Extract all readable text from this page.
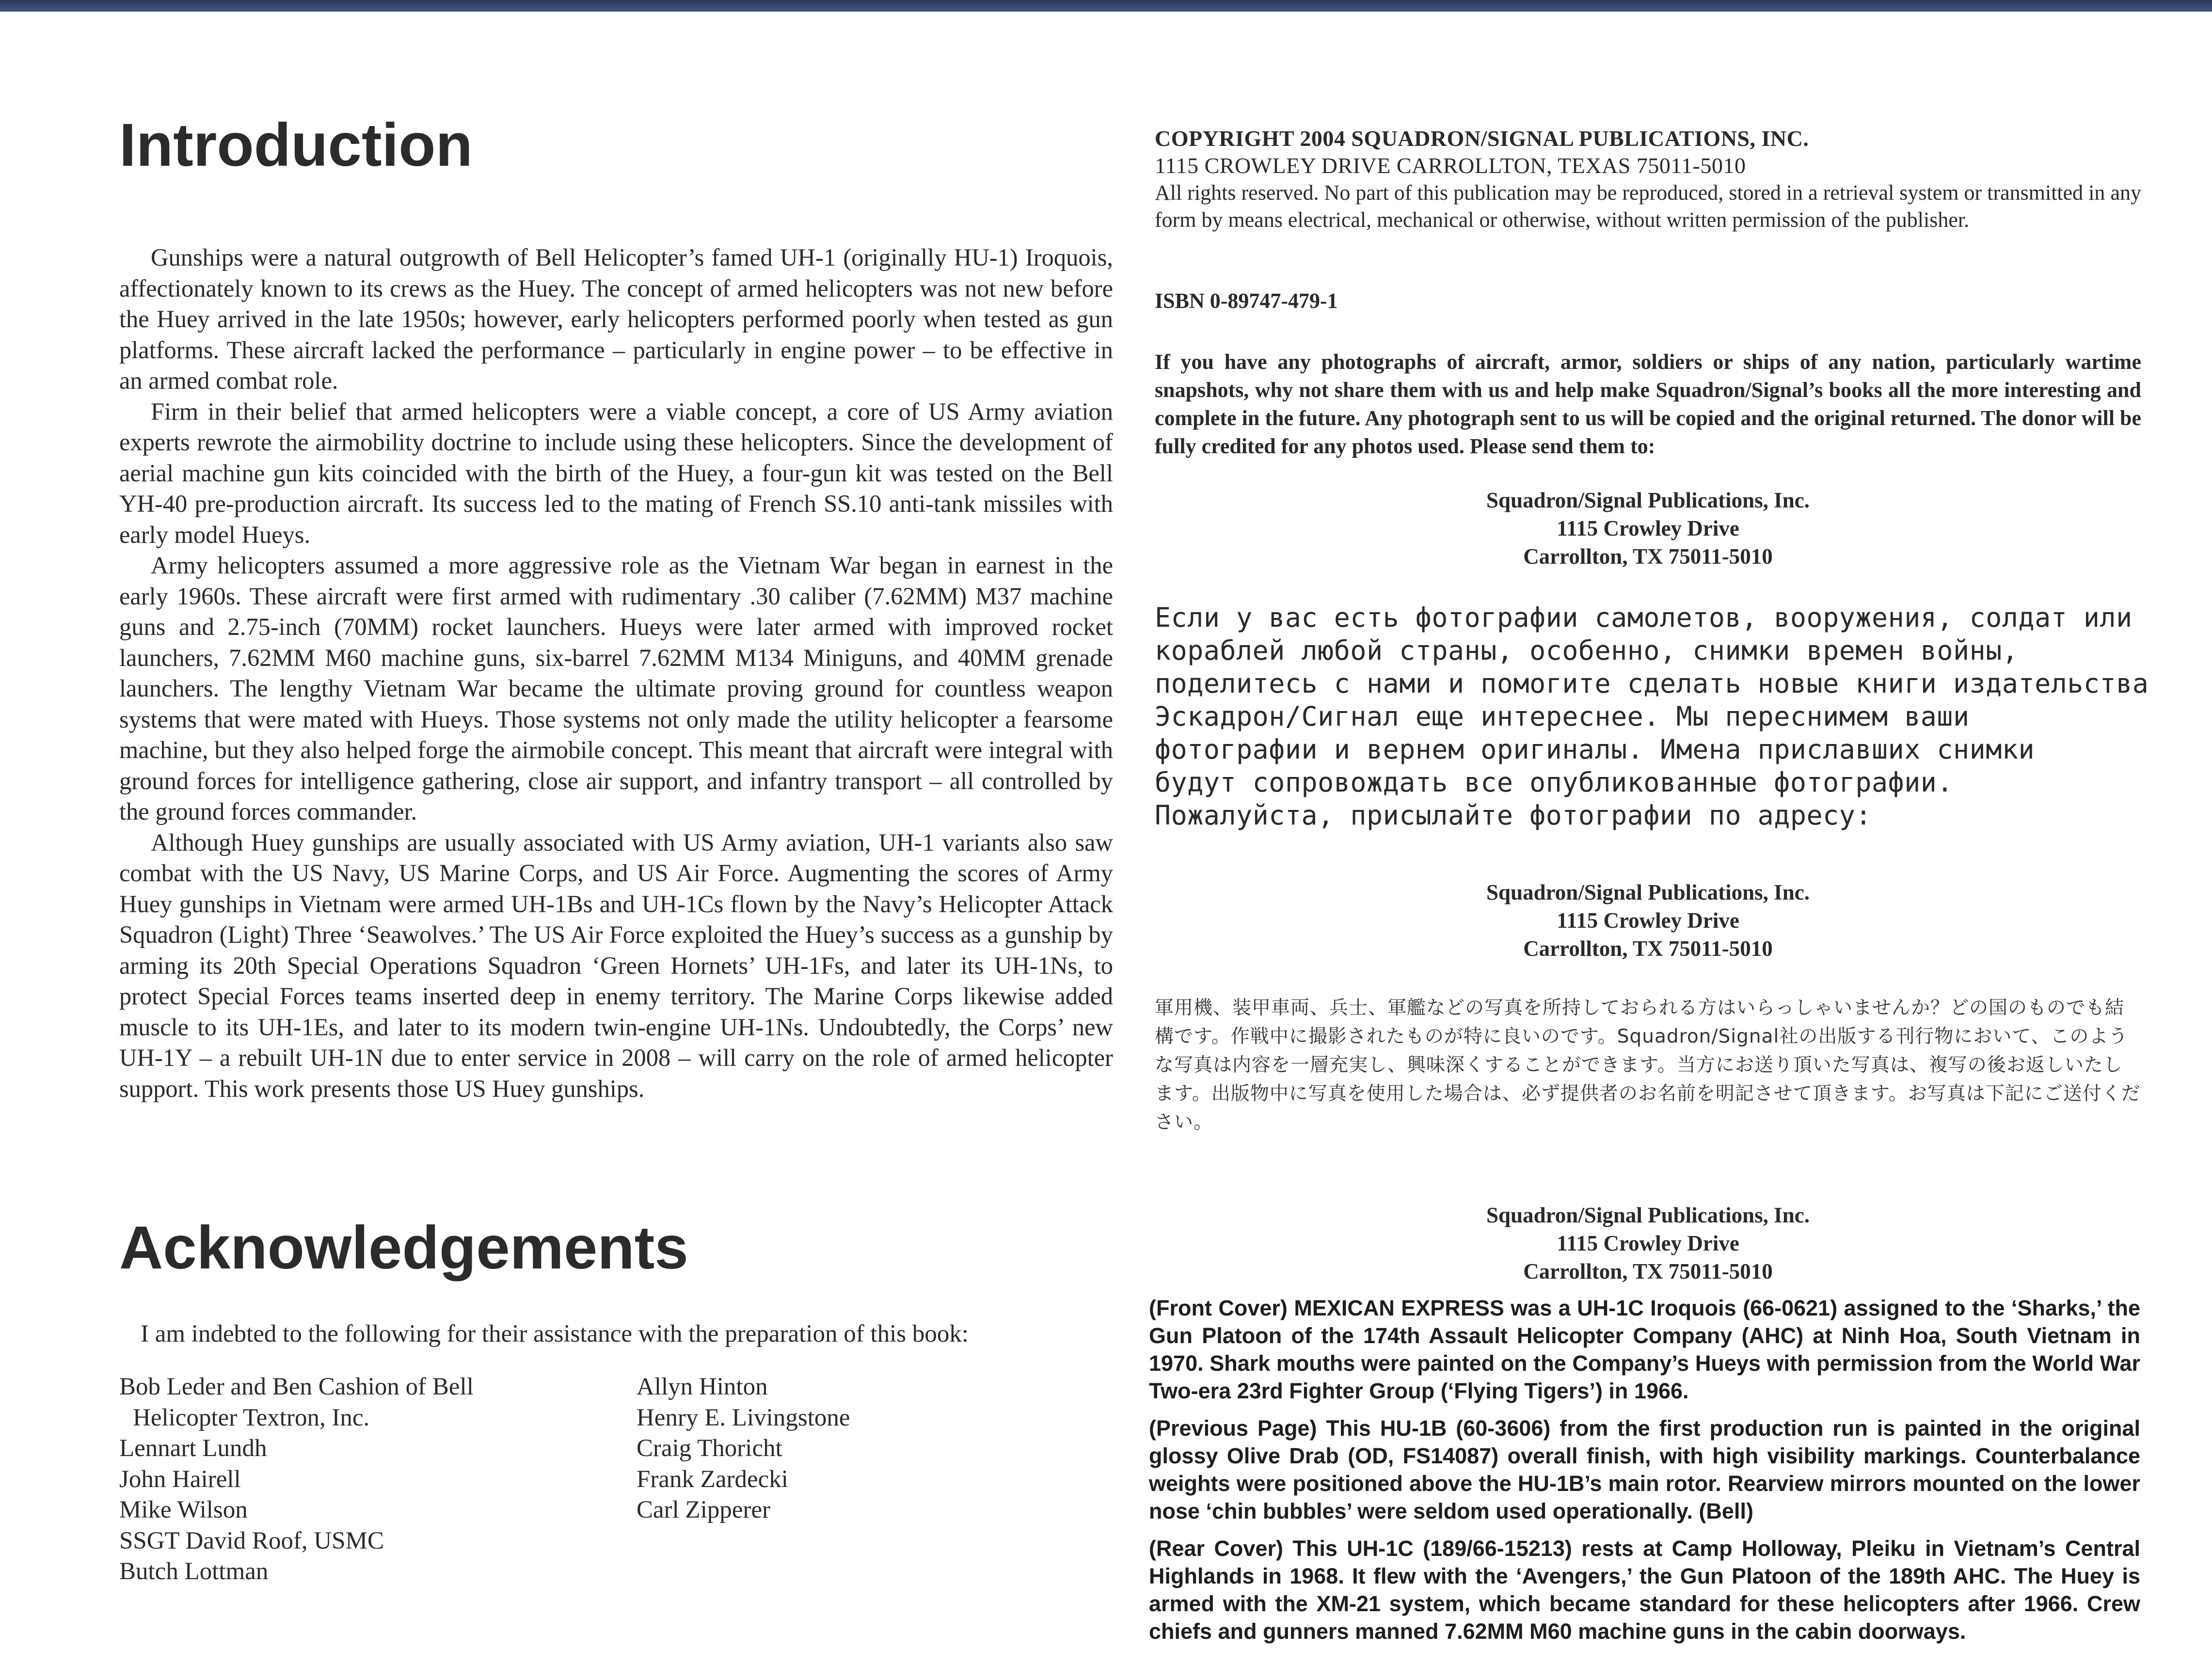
Introduction

Gunships were a natural outgrowth of Bell Helicopter’s famed UH-1 (originally HU-1) Iroquois, affectionately known to its crews as the Huey. The concept of armed helicopters was not new before the Huey arrived in the late 1950s; however, early helicopters performed poorly when tested as gun platforms. These aircraft lacked the performance – particularly in engine power – to be effective in an armed combat role.

Firm in their belief that armed helicopters were a viable concept, a core of US Army aviation experts rewrote the airmobility doctrine to include using these helicopters. Since the development of aerial machine gun kits coincided with the birth of the Huey, a four-gun kit was tested on the Bell YH-40 pre-production aircraft. Its success led to the mating of French SS.10 anti-tank missiles with early model Hueys.

Army helicopters assumed a more aggressive role as the Vietnam War began in earnest in the early 1960s. These aircraft were first armed with rudimentary .30 caliber (7.62MM) M37 machine guns and 2.75-inch (70MM) rocket launchers. Hueys were later armed with improved rocket launchers, 7.62MM M60 machine guns, six-barrel 7.62MM M134 Miniguns, and 40MM grenade launchers. The lengthy Vietnam War became the ultimate proving ground for countless weapon systems that were mated with Hueys. Those systems not only made the utility helicopter a fearsome machine, but they also helped forge the airmobile concept. This meant that aircraft were integral with ground forces for intelligence gathering, close air support, and infantry transport – all controlled by the ground forces commander.

Although Huey gunships are usually associated with US Army aviation, UH-1 variants also saw combat with the US Navy, US Marine Corps, and US Air Force. Augmenting the scores of Army Huey gunships in Vietnam were armed UH-1Bs and UH-1Cs flown by the Navy’s Helicopter Attack Squadron (Light) Three ‘Seawolves.’ The US Air Force exploited the Huey’s success as a gunship by arming its 20th Special Operations Squadron ‘Green Hornets’ UH-1Fs, and later its UH-1Ns, to protect Special Forces teams inserted deep in enemy territory. The Marine Corps likewise added muscle to its UH-1Es, and later to its modern twin-engine UH-1Ns. Undoubtedly, the Corps’ new UH-1Y – a rebuilt UH-1N due to enter service in 2008 – will carry on the role of armed helicopter support. This work presents those US Huey gunships.

Acknowledgements
I am indebted to the following for their assistance with the preparation of this book:
Bob Leder and Ben Cashion of Bell
Helicopter Textron, Inc.
Lennart Lundh
John Hairell
Mike Wilson
SSGT David Roof, USMC
Butch Lottman
Allyn Hinton
Henry E. Livingstone
Craig Thoricht
Frank Zardecki
Carl Zipperer
COPYRIGHT 2004 SQUADRON/SIGNAL PUBLICATIONS, INC.
1115 CROWLEY DRIVE CARROLLTON, TEXAS 75011-5010
All rights reserved. No part of this publication may be reproduced, stored in a retrieval system or transmitted in any form by means electrical, mechanical or otherwise, without written permission of the publisher.
ISBN 0-89747-479-1
If you have any photographs of aircraft, armor, soldiers or ships of any nation, particularly wartime snapshots, why not share them with us and help make Squadron/Signal’s books all the more interesting and complete in the future. Any photograph sent to us will be copied and the original returned. The donor will be fully credited for any photos used. Please send them to:
Squadron/Signal Publications, Inc.
1115 Crowley Drive
Carrollton, TX 75011-5010
Если у вас есть фотографии самолетов, вооружения, солдат или
кораблей любой страны, особенно, снимки времен войны,
поделитесь с нами и помогите сделать новые книги издательства
Эскадрон/Сигнал еще интереснее. Мы переснимем ваши
фотографии и вернем оригиналы. Имена приславших снимки
будут сопровождать все опубликованные фотографии.
Пожалуйста, присылайте фотографии по адресу:
Squadron/Signal Publications, Inc.
1115 Crowley Drive
Carrollton, TX 75011-5010
軍用機、装甲車両、兵士、軍艦などの写真を所持しておられる方はいらっしゃいませんか？どの国のものでも結構です。作戦中に撮影されたものが特に良いのです。Squadron/Signal社の出版する刊行物において、このような写真は内容を一層充実し、興味深くすることができます。当方にお送り頂いた写真は、複写の後お返しいたします。出版物中に写真を使用した場合は、必ず提供者のお名前を明記させて頂きます。お写真は下記にご送付ください。
Squadron/Signal Publications, Inc.
1115 Crowley Drive
Carrollton, TX 75011-5010

(Front Cover) MEXICAN EXPRESS was a UH-1C Iroquois (66-0621) assigned to the ‘Sharks,’ the Gun Platoon of the 174th Assault Helicopter Company (AHC) at Ninh Hoa, South Vietnam in 1970. Shark mouths were painted on the Company’s Hueys with permission from the World War Two-era 23rd Fighter Group (‘Flying Tigers’) in 1966.

(Previous Page) This HU-1B (60-3606) from the first production run is painted in the original glossy Olive Drab (OD, FS14087) overall finish, with high visibility markings. Counterbalance weights were positioned above the HU-1B’s main rotor. Rearview mirrors mounted on the lower nose ‘chin bubbles’ were seldom used operationally. (Bell)

(Rear Cover) This UH-1C (189/66-15213) rests at Camp Holloway, Pleiku in Vietnam’s Central Highlands in 1968. It flew with the ‘Avengers,’ the Gun Platoon of the 189th AHC. The Huey is armed with the XM-21 system, which became standard for these helicopters after 1966. Crew chiefs and gunners manned 7.62MM M60 machine guns in the cabin doorways.
